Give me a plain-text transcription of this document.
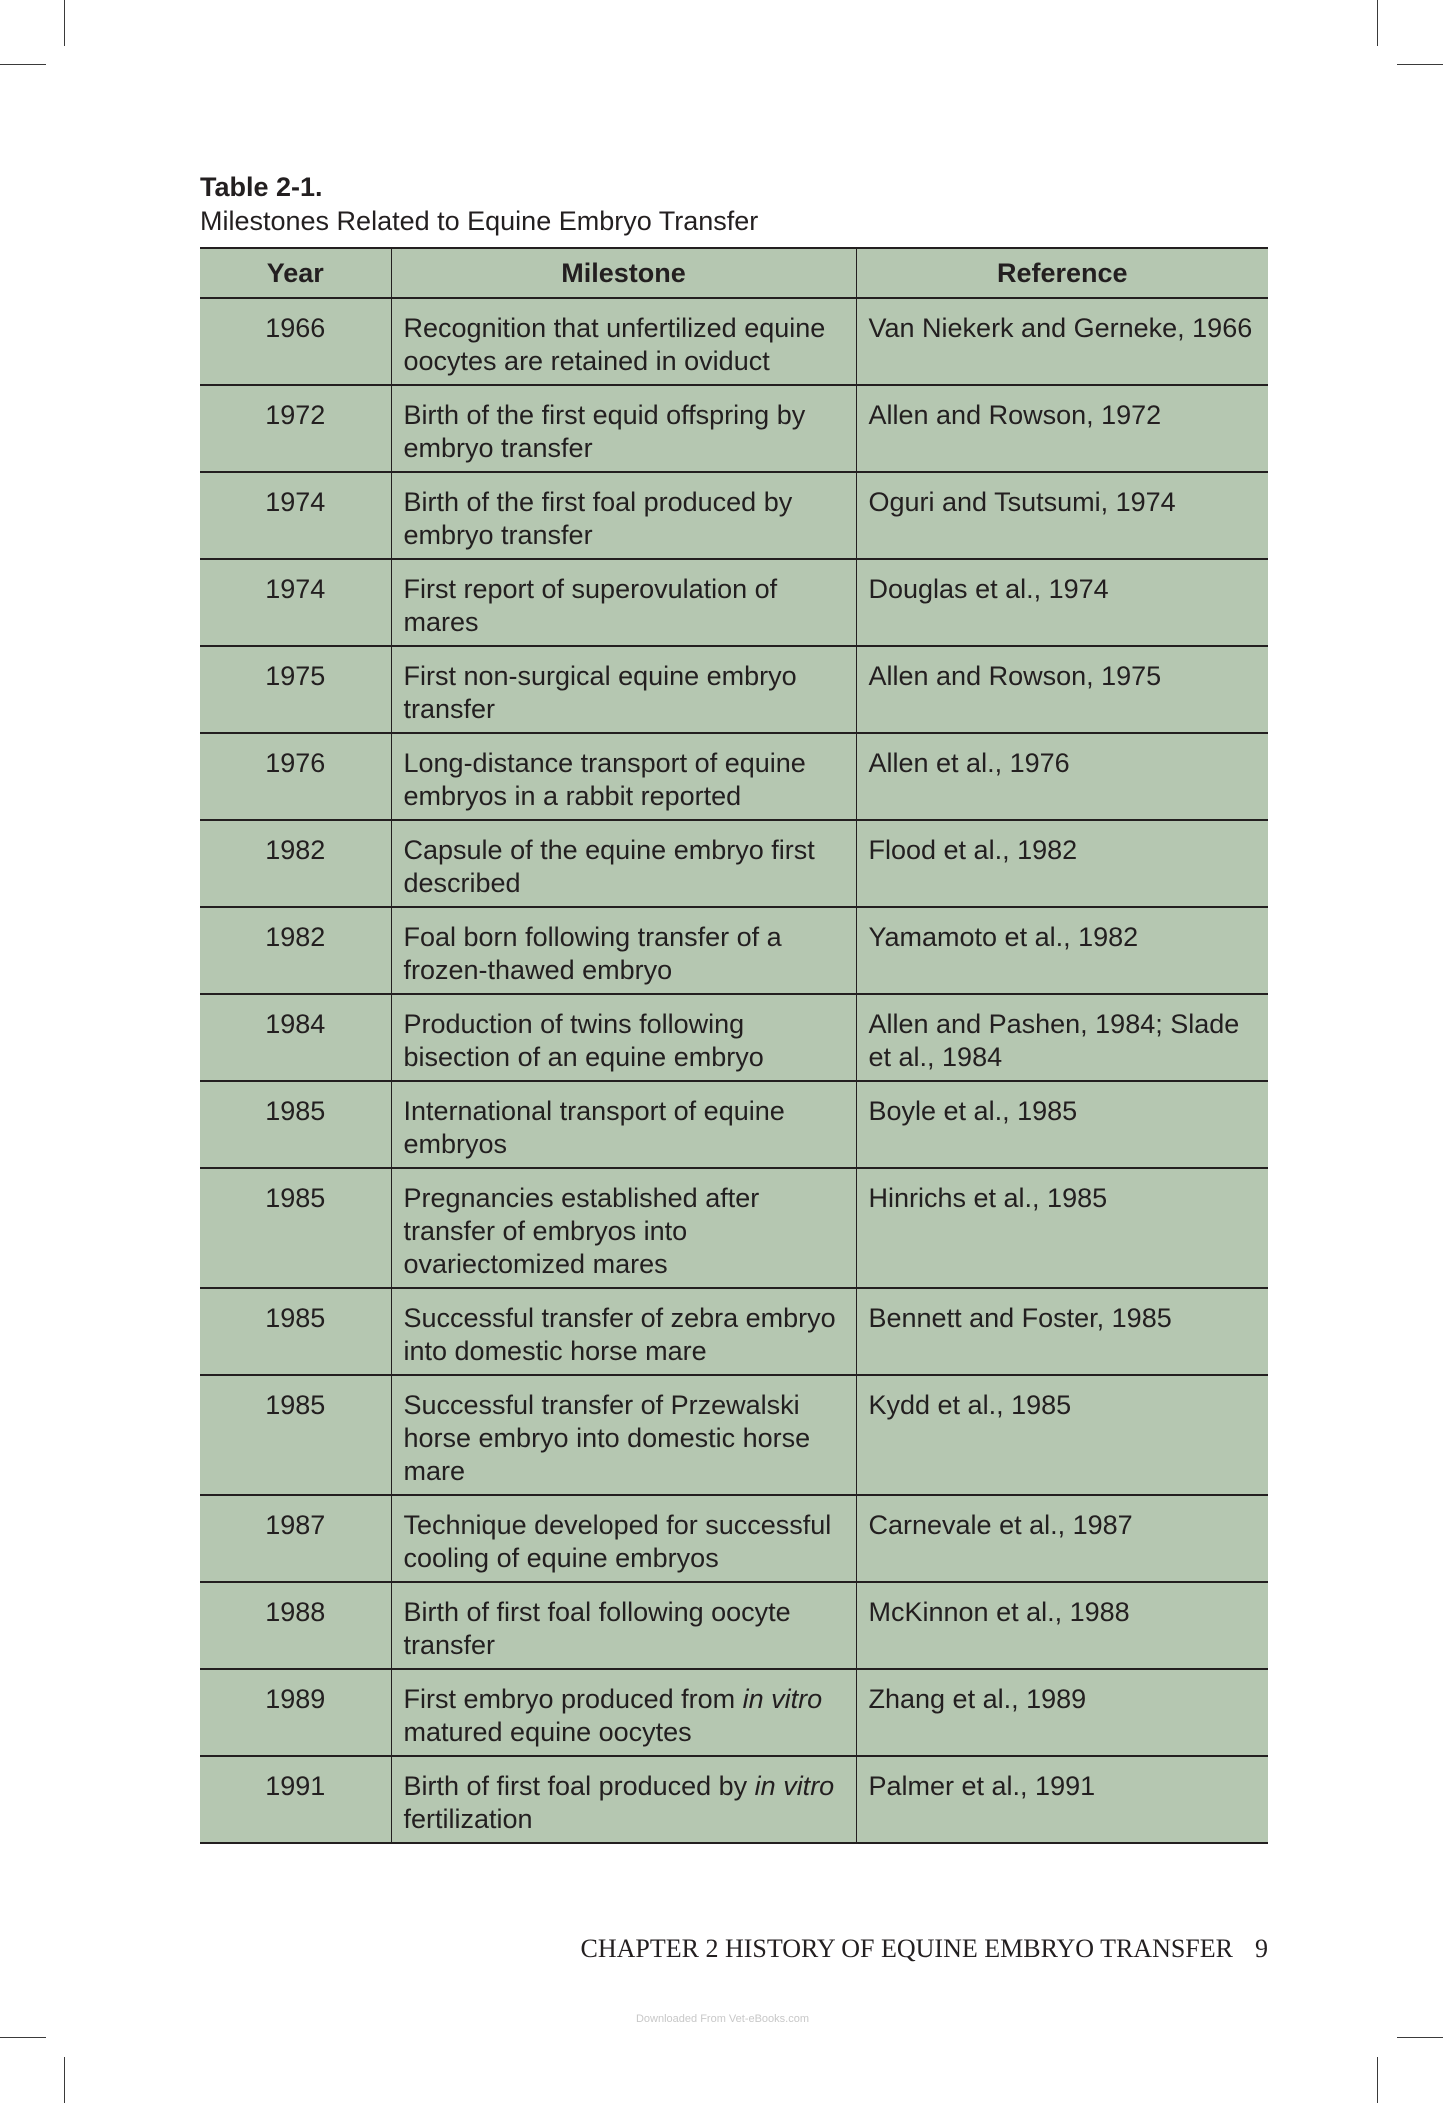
Table 2-1.

Milestones Related to Equine Embryo Transfer

Year	Milestone	Reference
1966	Recognition that unfertilized equine oocytes are retained in oviduct	Van Niekerk and Gerneke, 1966
1972	Birth of the first equid offspring by embryo transfer	Allen and Rowson, 1972
1974	Birth of the first foal produced by embryo transfer	Oguri and Tsutsumi, 1974
1974	First report of superovulation of mares	Douglas et al., 1974
1975	First non-surgical equine embryo transfer	Allen and Rowson, 1975
1976	Long-distance transport of equine embryos in a rabbit reported	Allen et al., 1976
1982	Capsule of the equine embryo first described	Flood et al., 1982
1982	Foal born following transfer of a frozen-thawed embryo	Yamamoto et al., 1982
1984	Production of twins following bisection of an equine embryo	Allen and Pashen, 1984; Slade et al., 1984
1985	International transport of equine embryos	Boyle et al., 1985
1985	Pregnancies established after transfer of embryos into ovariectomized mares	Hinrichs et al., 1985
1985	Successful transfer of zebra embryo into domestic horse mare	Bennett and Foster, 1985
1985	Successful transfer of Przewalski horse embryo into domestic horse mare	Kydd et al., 1985
1987	Technique developed for successful cooling of equine embryos	Carnevale et al., 1987
1988	Birth of first foal following oocyte transfer	McKinnon et al., 1988
1989	First embryo produced from in vitro matured equine oocytes	Zhang et al., 1989
1991	Birth of first foal produced by in vitro fertilization	Palmer et al., 1991
CHAPTER 2 HISTORY OF EQUINE EMBRYO TRANSFER 9
Downloaded From Vet-eBooks.com
